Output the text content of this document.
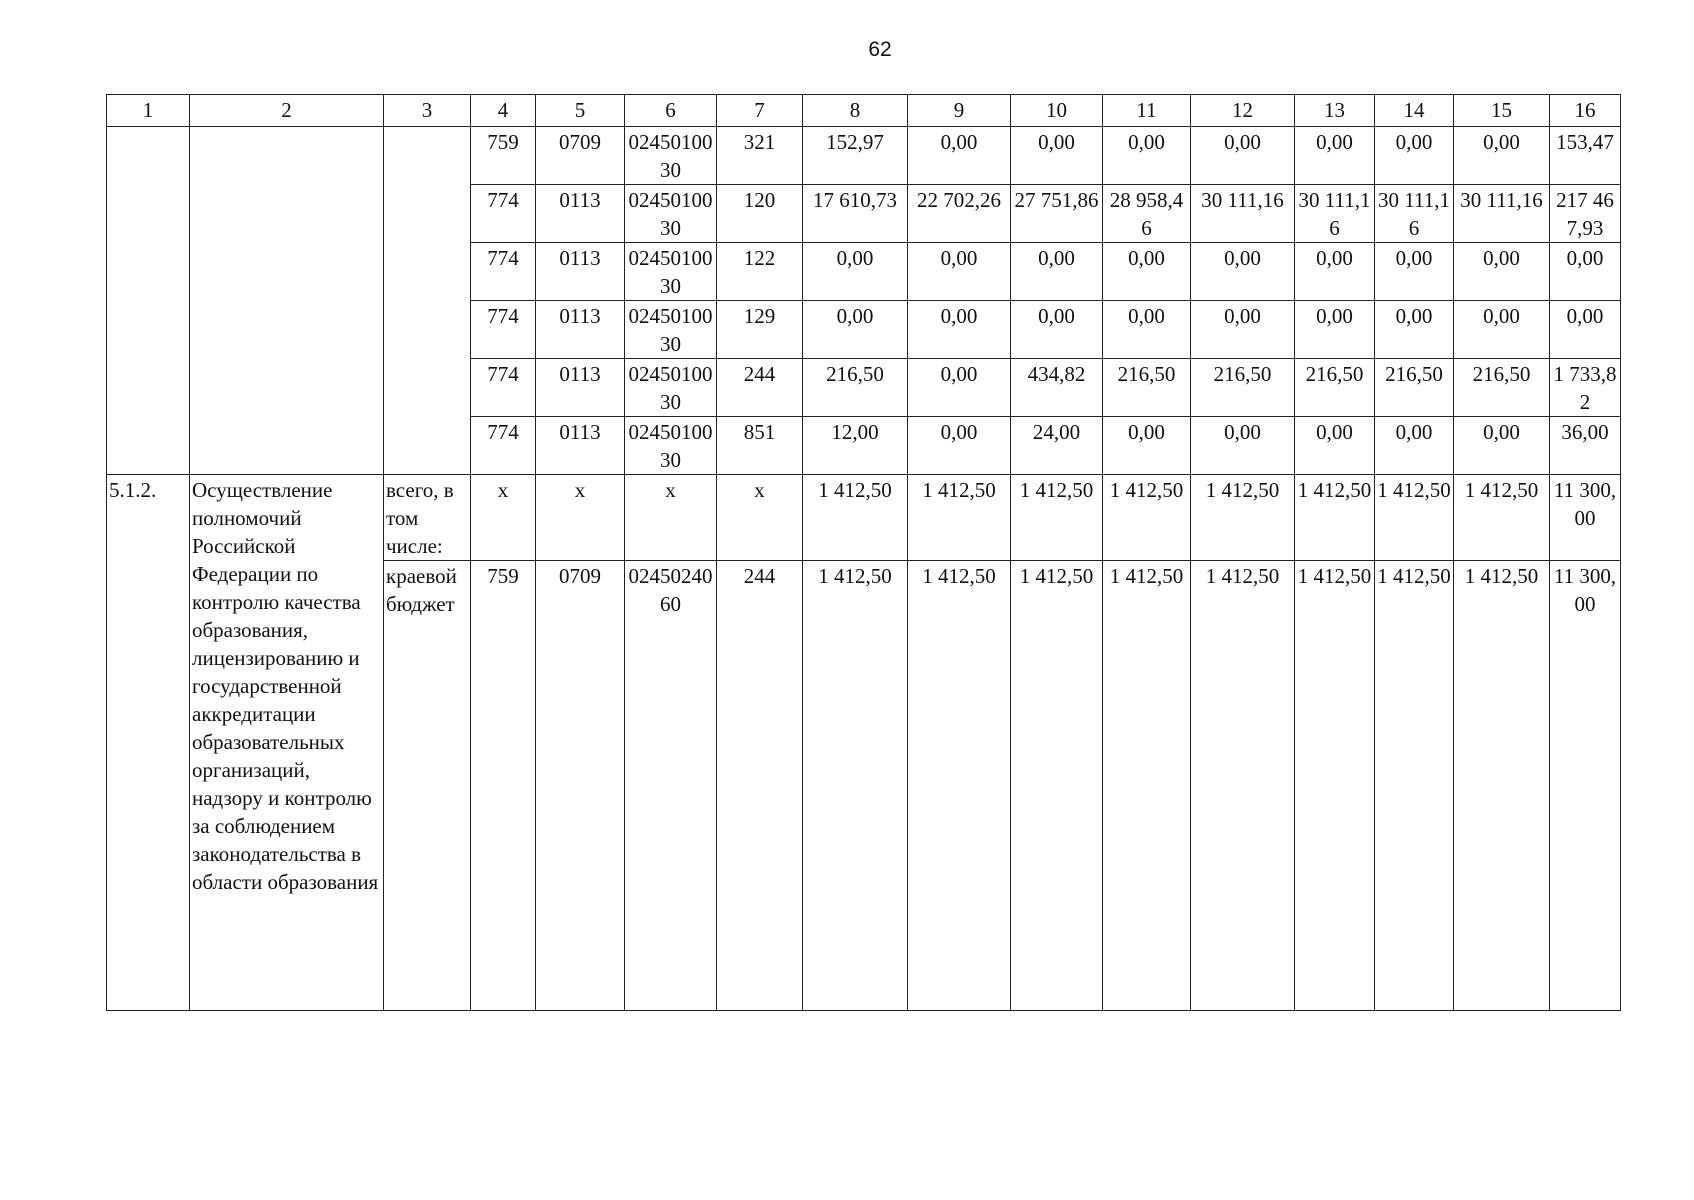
62
1	2	3	4	5	6	7	8	9	10	11	12	13	14	15	16
			759	0709	0245010030	321	152,97	0,00	0,00	0,00	0,00	0,00	0,00	0,00	153,47
			774	0113	0245010030	120	17 610,73	22 702,26	27 751,86	28 958,46	30 111,16	30 111,16	30 111,16	30 111,16	217 467,93
			774	0113	0245010030	122	0,00	0,00	0,00	0,00	0,00	0,00	0,00	0,00	0,00
			774	0113	0245010030	129	0,00	0,00	0,00	0,00	0,00	0,00	0,00	0,00	0,00
			774	0113	0245010030	244	216,50	0,00	434,82	216,50	216,50	216,50	216,50	216,50	1 733,82
			774	0113	0245010030	851	12,00	0,00	24,00	0,00	0,00	0,00	0,00	0,00	36,00
5.1.2.	Осуществление полномочий Российской Федерации по контролю качества образования, лицензированию и государственной аккредитации образовательных организаций, надзору и контролю за соблюдением законодательства в области образования	всего, в том числе:	х	х	х	х	1 412,50	1 412,50	1 412,50	1 412,50	1 412,50	1 412,50	1 412,50	1 412,50	11 300,00
		краевой бюджет	759	0709	0245024060	244	1 412,50	1 412,50	1 412,50	1 412,50	1 412,50	1 412,50	1 412,50	1 412,50	11 300,00
